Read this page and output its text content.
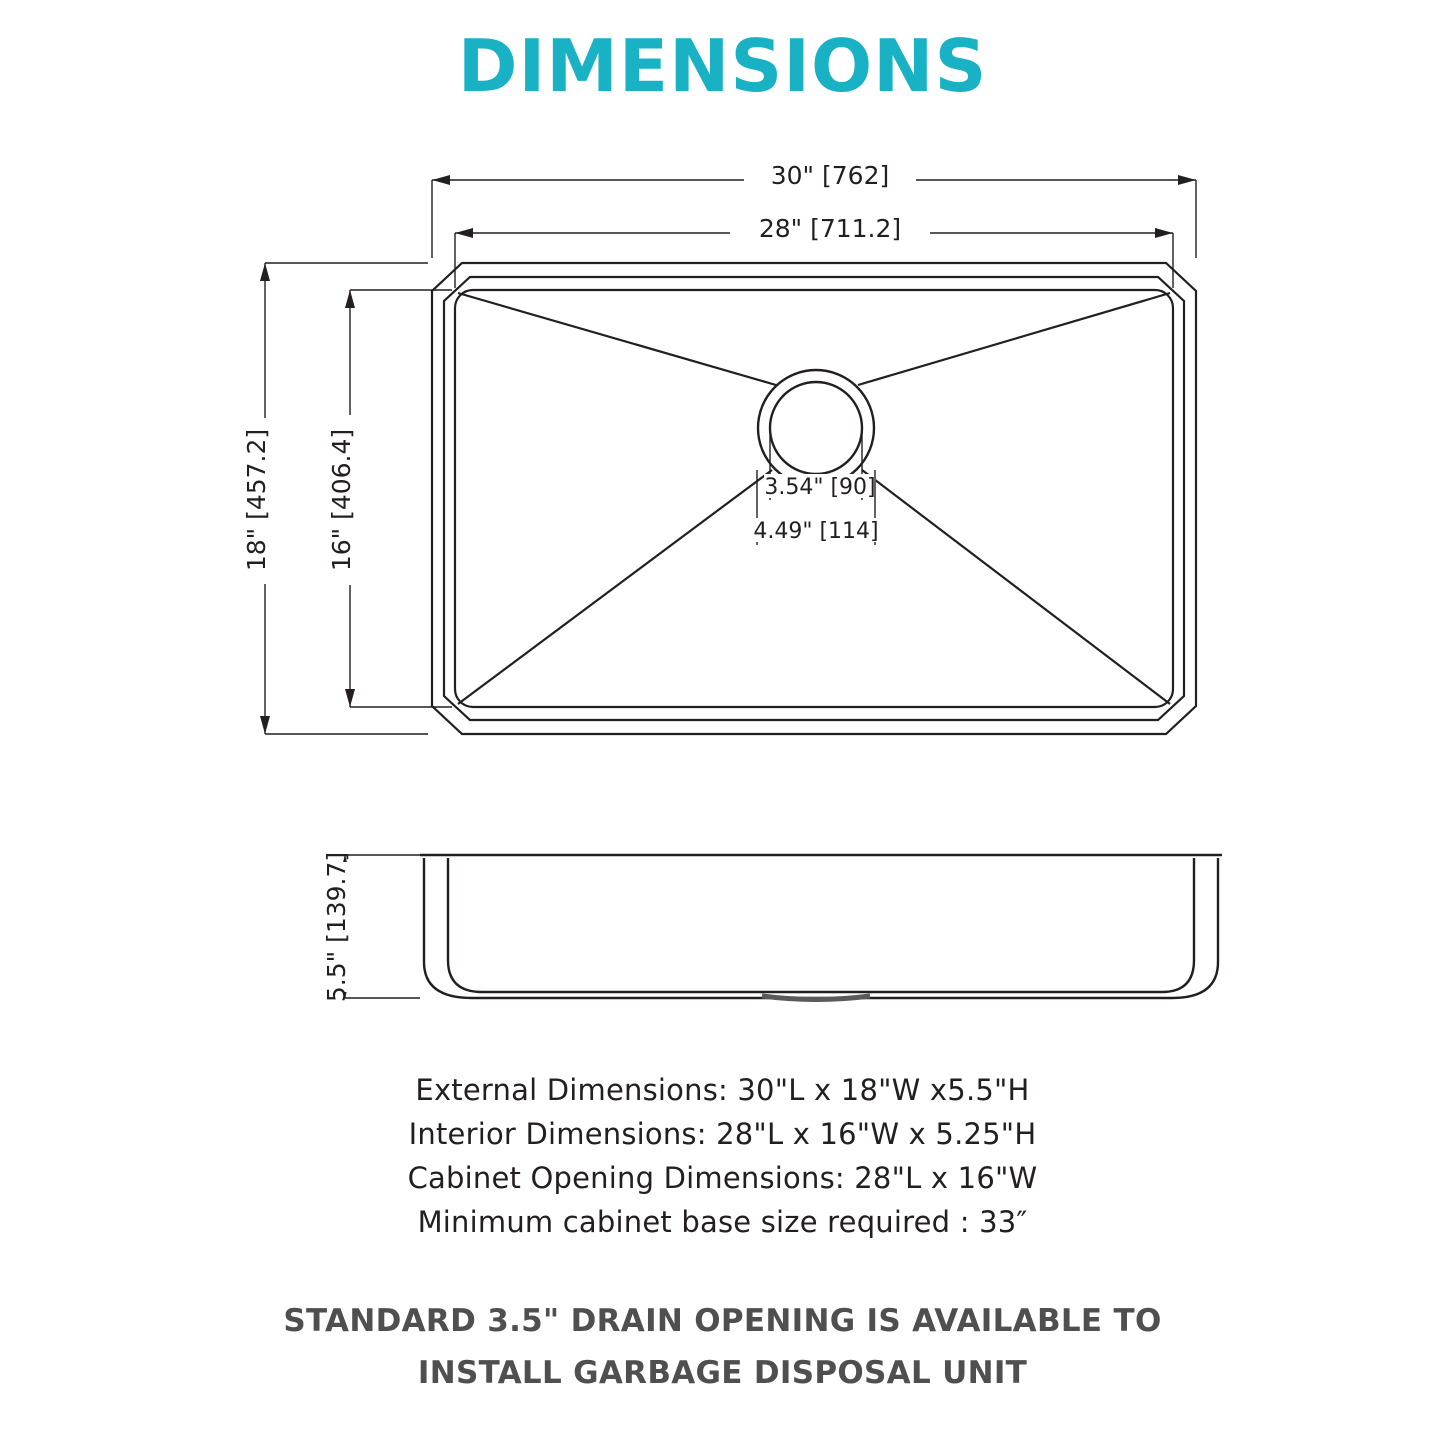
DIMENSIONS
30" [762]
28" [711.2]
18" [457.2] 16" [406.4]	3.54" [90]
4.49" [114]
5.5" [139.7]
External Dimensions: 30"L x 18"W x5.5"H
Interior Dimensions: 28"L x 16"W x 5.25"H
Cabinet Opening Dimensions: 28"L x 16"W
Minimum cabinet base size required : 33″
STANDARD 3.5" DRAIN OPENING IS AVAILABLE TO
INSTALL GARBAGE DISPOSAL UNIT
